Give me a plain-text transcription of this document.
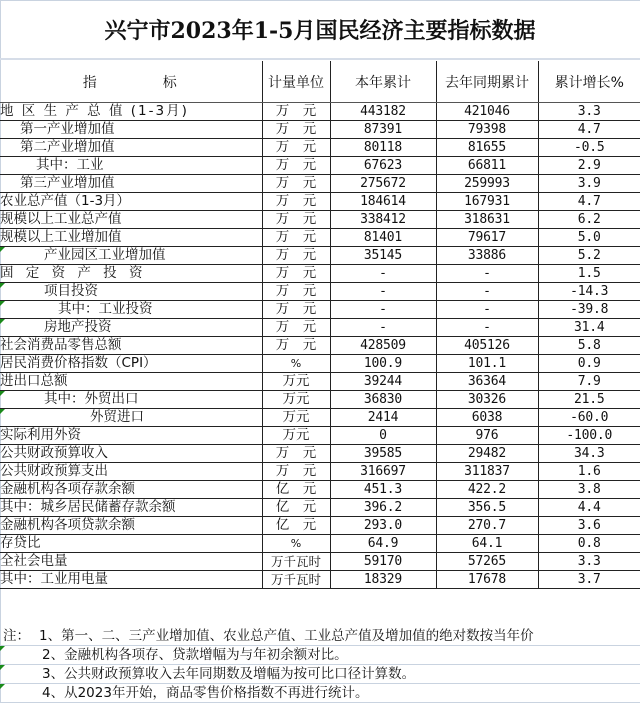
兴宁市2023年1-5月国民经济主要指标数据
指　　　　标	计量单位	本年累计	去年同期累计	累计增长%
地 区 生 产 总 值 (1-3月)	万　元	443182	421046	3.3
第一产业增加值	万　元	87391	79398	4.7
第二产业增加值	万　元	80118	81655	-0.5
其中：工业	万　元	67623	66811	2.9
第三产业增加值	万　元	275672	259993	3.9
农业总产值（1-3月）	万　元	184614	167931	4.7
规模以上工业总产值	万　元	338412	318631	6.2
规模以上工业增加值	万　元	81401	79617	5.0
产业园区工业增加值	万　元	35145	33886	5.2
固 定 资 产 投 资	万　元	-	-	1.5
项目投资	万　元	-	-	-14.3
其中：工业投资	万　元	-	-	-39.8
房地产投资	万　元	-	-	31.4
社会消费品零售总额	万　元	428509	405126	5.8
居民消费价格指数（CPI）	%	100.9	101.1	0.9
进出口总额	万元	39244	36364	7.9
其中：外贸出口	万元	36830	30326	21.5
外贸进口	万元	2414	6038	-60.0
实际利用外资	万元	0	976	-100.0
公共财政预算收入	万　元	39585	29482	34.3
公共财政预算支出	万　元	316697	311837	1.6
金融机构各项存款余额	亿　元	451.3	422.2	3.8
其中：城乡居民储蓄存款余额	亿　元	396.2	356.5	4.4
金融机构各项贷款余额	亿　元	293.0	270.7	3.6
存贷比	%	64.9	64.1	0.8
全社会电量	万千瓦时	59170	57265	3.3
其中：工业用电量	万千瓦时	18329	17678	3.7
注： 1、第一、二、三产业增加值、农业总产值、工业总产值及增加值的绝对数按当年价
2、金融机构各项存、贷款增幅为与年初余额对比。
3、公共财政预算收入去年同期数及增幅为按可比口径计算数。
4、从2023年开始，商品零售价格指数不再进行统计。
